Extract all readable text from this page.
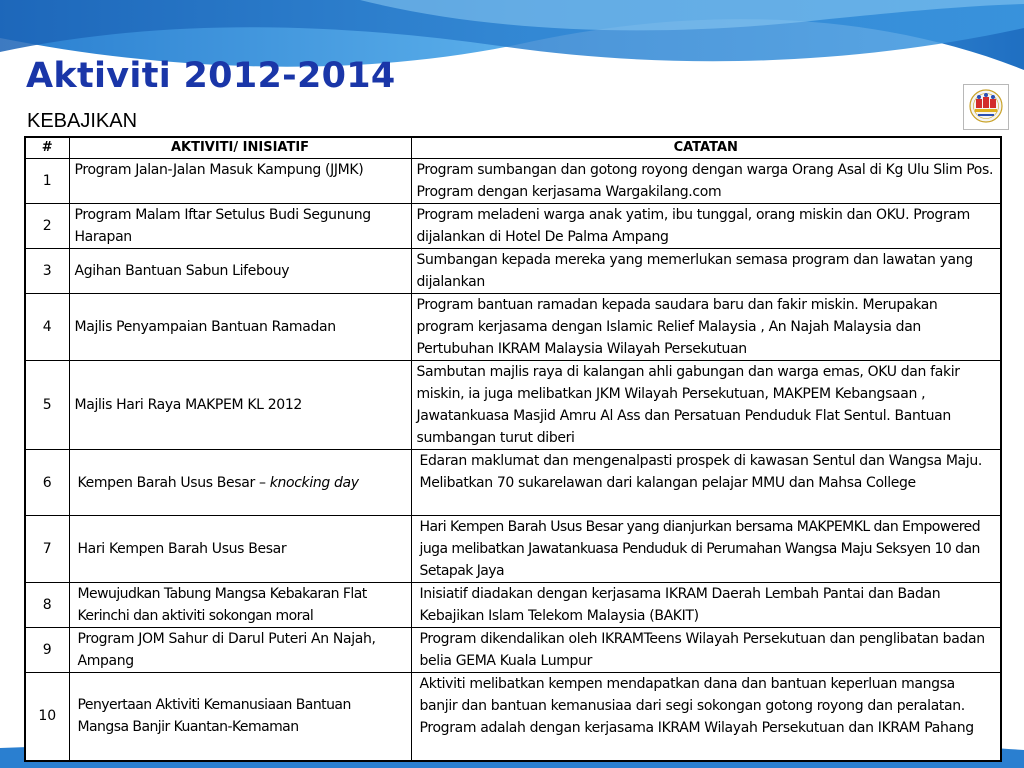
Aktiviti 2012-2014
KEBAJIKAN
#	AKTIVITI/ INISIATIF	CATATAN
1	Program Jalan-Jalan Masuk Kampung (JJMK)	Program sumbangan dan gotong royong dengan warga Orang Asal di Kg Ulu Slim Pos. Program dengan kerjasama Wargakilang.com
2	Program Malam Iftar Setulus Budi Segunung Harapan	Program meladeni warga anak yatim, ibu tunggal, orang miskin dan OKU. Program dijalankan di Hotel De Palma Ampang
3	Agihan Bantuan Sabun Lifebouy	Sumbangan kepada mereka yang memerlukan semasa program dan lawatan yang dijalankan
4	Majlis Penyampaian Bantuan Ramadan	Program bantuan ramadan kepada saudara baru dan fakir miskin. Merupakan program kerjasama dengan Islamic Relief Malaysia , An Najah Malaysia dan Pertubuhan IKRAM Malaysia Wilayah Persekutuan
5	Majlis Hari Raya MAKPEM KL 2012	Sambutan majlis raya di kalangan ahli gabungan dan warga emas, OKU dan fakir miskin, ia juga melibatkan JKM Wilayah Persekutuan, MAKPEM Kebangsaan , Jawatankuasa Masjid Amru Al Ass dan Persatuan Penduduk Flat Sentul. Bantuan sumbangan turut diberi
6	Kempen Barah Usus Besar – knocking day	Edaran maklumat dan mengenalpasti prospek di kawasan Sentul dan Wangsa Maju. Melibatkan 70 sukarelawan dari kalangan pelajar MMU dan Mahsa College
7	Hari Kempen Barah Usus Besar	Hari Kempen Barah Usus Besar yang dianjurkan bersama MAKPEMKL dan Empowered juga melibatkan Jawatankuasa Penduduk di Perumahan Wangsa Maju Seksyen 10 dan Setapak Jaya
8	Mewujudkan Tabung Mangsa Kebakaran Flat Kerinchi dan aktiviti sokongan moral	Inisiatif diadakan dengan kerjasama IKRAM Daerah Lembah Pantai dan Badan Kebajikan Islam Telekom Malaysia (BAKIT)
9	Program JOM Sahur di Darul Puteri An Najah, Ampang	Program dikendalikan oleh IKRAMTeens Wilayah Persekutuan dan penglibatan badan belia GEMA Kuala Lumpur
10	Penyertaan Aktiviti Kemanusiaan Bantuan Mangsa Banjir Kuantan-Kemaman	Aktiviti melibatkan kempen mendapatkan dana dan bantuan keperluan mangsa banjir dan bantuan kemanusiaa dari segi sokongan gotong royong dan peralatan. Program adalah dengan kerjasama IKRAM Wilayah Persekutuan dan IKRAM Pahang
